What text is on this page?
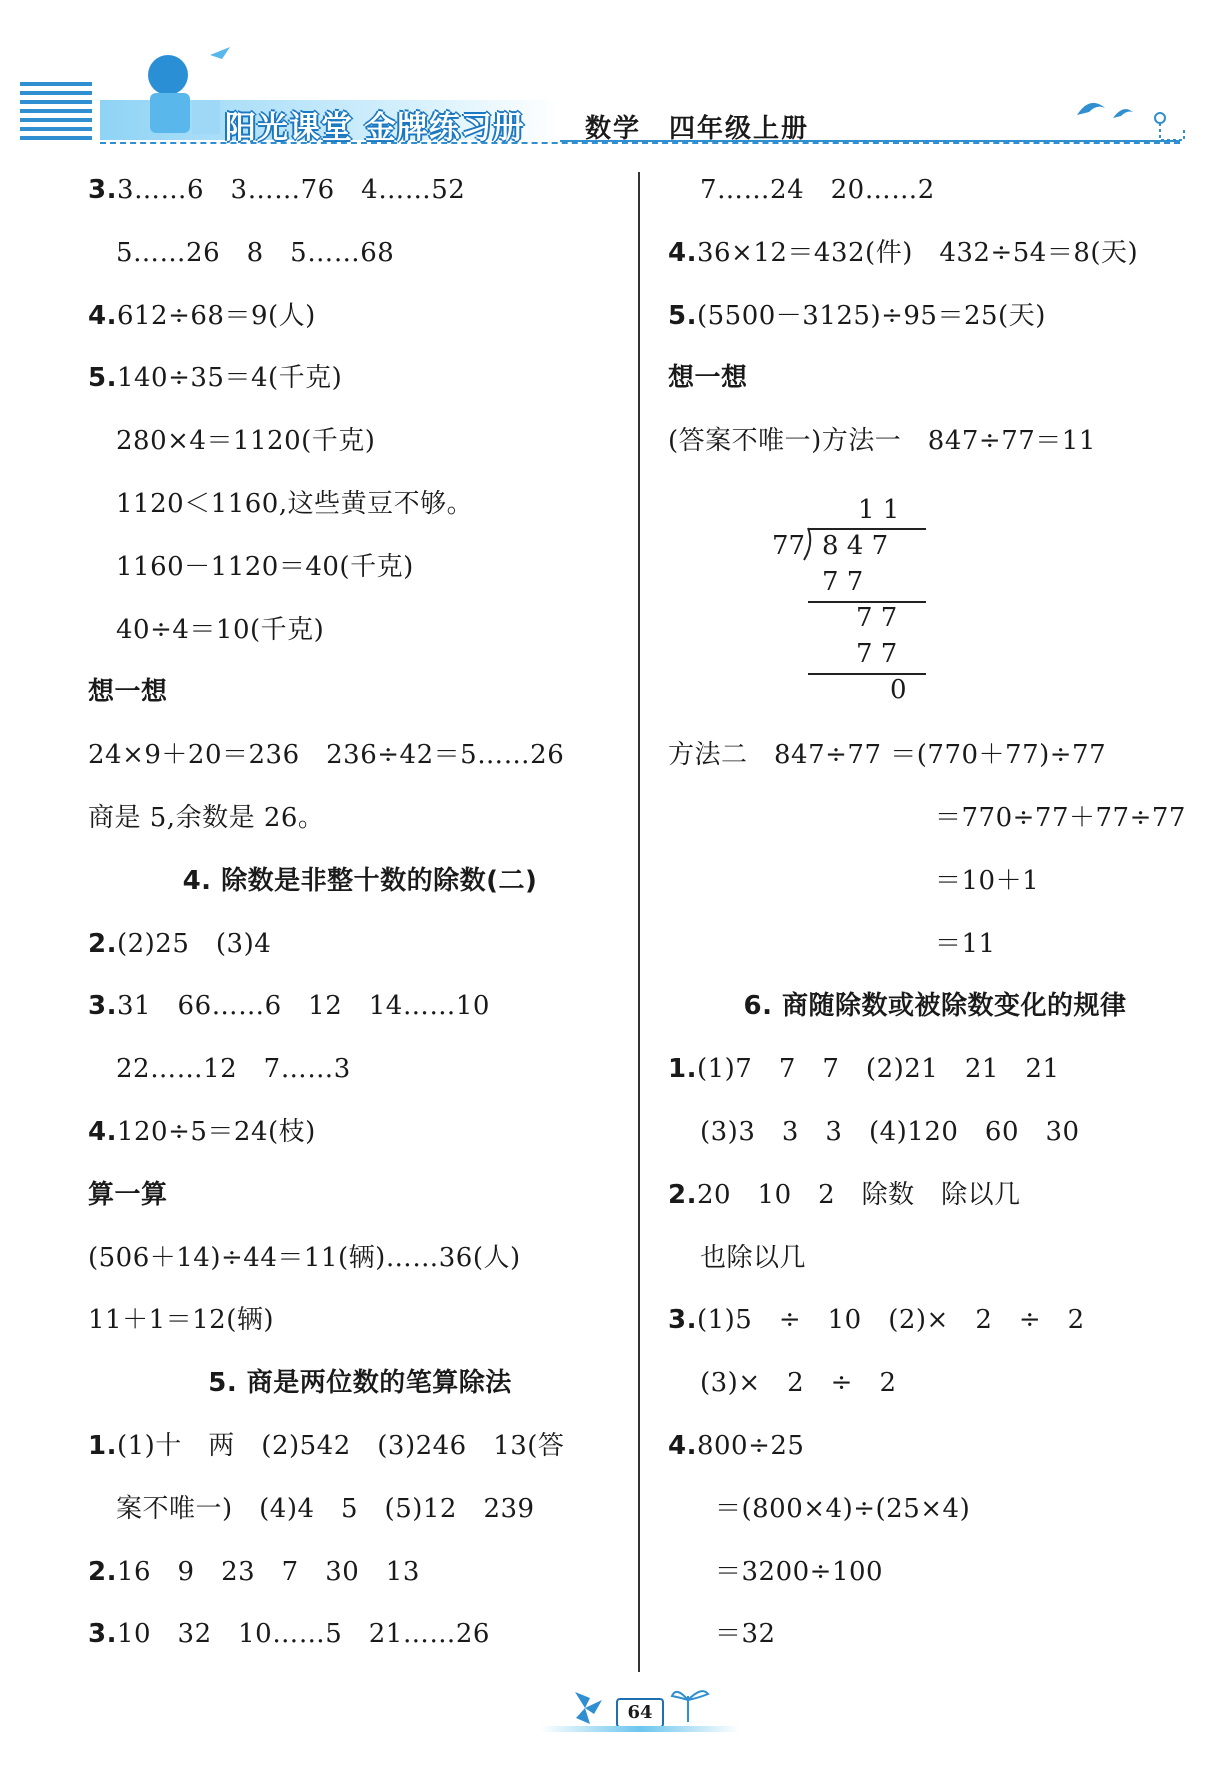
阳光课堂 金牌练习册 数学　四年级上册
3.3……6　3……76　4……52
5……26　8　5……68
4.612÷68＝9(人)
5.140÷35＝4(千克)
280×4＝1120(千克)
1120＜1160,这些黄豆不够。
1160－1120＝40(千克)
40÷4＝10(千克)
想一想
24×9＋20＝236　236÷42＝5……26
商是 5,余数是 26。
4. 除数是非整十数的除数(二)
2.(2)25　(3)4
3.31　66……6　12　14……10
22……12　7……3
4.120÷5＝24(枝)
算一算
(506＋14)÷44＝11(辆)……36(人)
11＋1＝12(辆)
5. 商是两位数的笔算除法
1.(1)十　两　(2)542　(3)246　13(答
案不唯一)　(4)4　5　(5)12　239
2.16　9　23　7　30　13
3.10　32　10……5　21……26
7……24　20……2
4.36×12＝432(件)　432÷54＝8(天)
5.(5500－3125)÷95＝25(天)
想一想
(答案不唯一)方法一　847÷77＝11
方法二　847÷77 ＝(770＋77)÷77
＝770÷77＋77÷77
＝10＋1
＝11
6. 商随除数或被除数变化的规律
1.(1)7　7　7　(2)21　21　21
(3)3　3　3　(4)120　60　30
2.20　10　2　除数　除以几
也除以几
3.(1)5　÷　10　(2)×　2　÷　2
(3)×　2　÷　2
4.800÷25
＝(800×4)÷(25×4)
＝3200÷100
＝32
1 1
77 8 4 7
7 7
7 7
7 7
0
64
